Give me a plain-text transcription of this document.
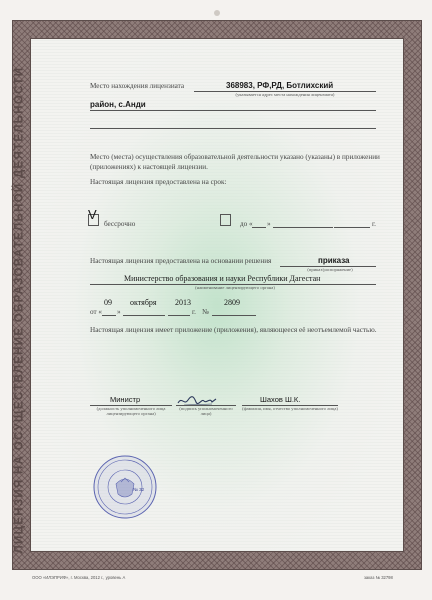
ЛИЦЕНЗИЯ НА ОСУЩЕСТВЛЕНИЕ ОБРАЗОВАТЕЛЬНОЙ ДЕЯТЕЛЬНОСТИ	Место нахождения лицензиата	368983, РФ,РД, Ботлихский
(указывается адрес места нахождения лицензиата)
район, с.Анди
Место (места) осуществления образовательной деятельности указано (указаны) в приложении (приложениях) к настоящей лицензии.
Настоящая лицензия предоставлена на срок:
V
бессрочно	до « »	г.
Настоящая лицензия предоставлена на основании решения	приказа
(приказ/распоряжение)
Министерство образования и науки Республики Дагестан
(наименование лицензирующего органа)
09 октября 2013	2809
от « »	г. №
Настоящая лицензия имеет приложение (приложения), являющееся её неотъемлемой частью.
Министр
(должность уполномоченного лица лицензирующего органа)
(подпись уполномоченного лица)
Шахов Ш.К.
(фамилия, имя, отчество уполномоченного лица)
№ 32
ООО «ИЛЭПРИФ», г. Москва, 2012 г., уровень А	заказ № 32798
